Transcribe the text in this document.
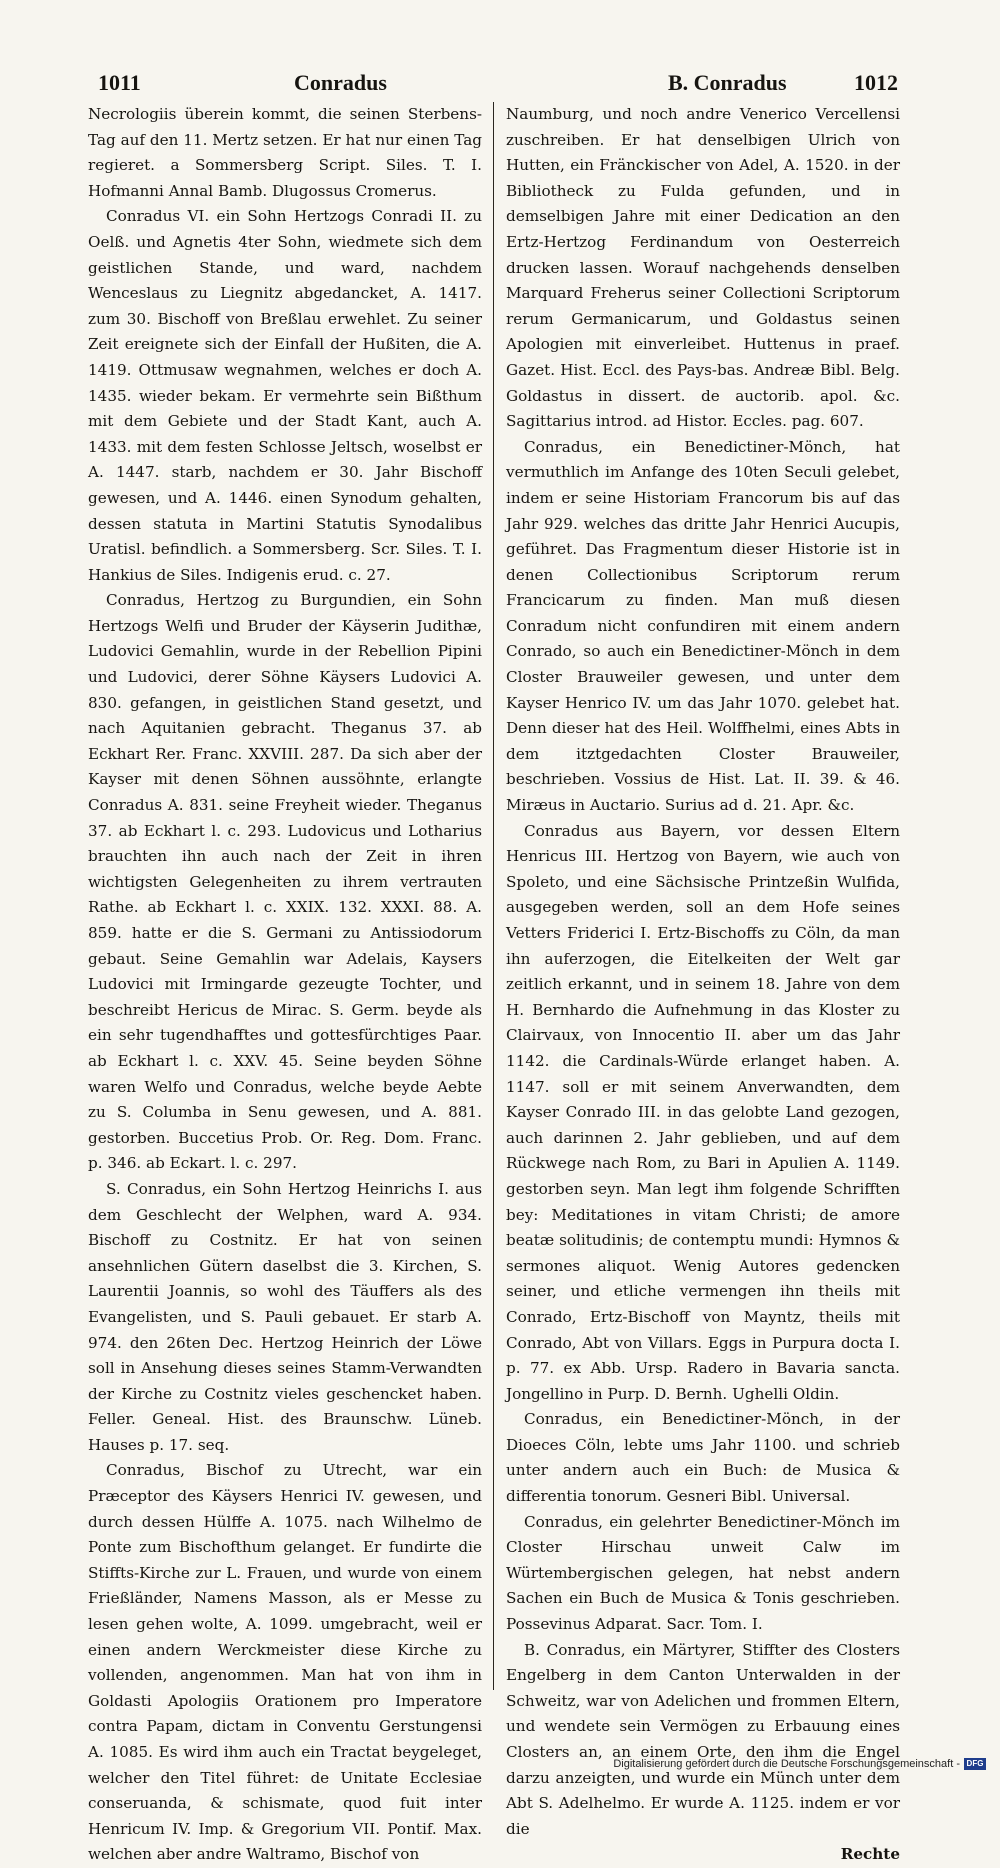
1011	Conradus	B. Conradus	1012

Necrologiis überein kommt, die seinen Sterbens-Tag auf den 11. Mertz setzen. Er hat nur einen Tag regieret. a Sommersberg Script. Siles. T. I. Hofmanni Annal Bamb. Dlugossus Cromerus.

Conradus VI. ein Sohn Hertzogs Conradi II. zu Oelß. und Agnetis 4ter Sohn, wiedmete sich dem geistlichen Stande, und ward, nachdem Wenceslaus zu Liegnitz abgedancket, A. 1417. zum 30. Bischoff von Breßlau erwehlet. Zu seiner Zeit ereignete sich der Einfall der Hußiten, die A. 1419. Ottmusaw wegnahmen, welches er doch A. 1435. wieder bekam. Er vermehrte sein Bißthum mit dem Gebiete und der Stadt Kant, auch A. 1433. mit dem festen Schlosse Jeltsch, woselbst er A. 1447. starb, nachdem er 30. Jahr Bischoff gewesen, und A. 1446. einen Synodum gehalten, dessen statuta in Martini Statutis Synodalibus Uratisl. befindlich. a Sommersberg. Scr. Siles. T. I. Hankius de Siles. Indigenis erud. c. 27.

Conradus, Hertzog zu Burgundien, ein Sohn Hertzogs Welfi und Bruder der Käyserin Judithæ, Ludovici Gemahlin, wurde in der Rebellion Pipini und Ludovici, derer Söhne Käysers Ludovici A. 830. gefangen, in geistlichen Stand gesetzt, und nach Aquitanien gebracht. Theganus 37. ab Eckhart Rer. Franc. XXVIII. 287. Da sich aber der Kayser mit denen Söhnen aussöhnte, erlangte Conradus A. 831. seine Freyheit wieder. Theganus 37. ab Eckhart l. c. 293. Ludovicus und Lotharius brauchten ihn auch nach der Zeit in ihren wichtigsten Gelegenheiten zu ihrem vertrauten Rathe. ab Eckhart l. c. XXIX. 132. XXXI. 88. A. 859. hatte er die S. Germani zu Antissiodorum gebaut. Seine Gemahlin war Adelais, Kaysers Ludovici mit Irmingarde gezeugte Tochter, und beschreibt Hericus de Mirac. S. Germ. beyde als ein sehr tugendhafftes und gottesfürchtiges Paar. ab Eckhart l. c. XXV. 45. Seine beyden Söhne waren Welfo und Conradus, welche beyde Aebte zu S. Columba in Senu gewesen, und A. 881. gestorben. Buccetius Prob. Or. Reg. Dom. Franc. p. 346. ab Eckart. l. c. 297.

S. Conradus, ein Sohn Hertzog Heinrichs I. aus dem Geschlecht der Welphen, ward A. 934. Bischoff zu Costnitz. Er hat von seinen ansehnlichen Gütern daselbst die 3. Kirchen, S. Laurentii Joannis, so wohl des Täuffers als des Evangelisten, und S. Pauli gebauet. Er starb A. 974. den 26ten Dec. Hertzog Heinrich der Löwe soll in Ansehung dieses seines Stamm-Verwandten der Kirche zu Costnitz vieles geschencket haben. Feller. Geneal. Hist. des Braunschw. Lüneb. Hauses p. 17. seq.

Conradus, Bischof zu Utrecht, war ein Præceptor des Käysers Henrici IV. gewesen, und durch dessen Hülffe A. 1075. nach Wilhelmo de Ponte zum Bischofthum gelanget. Er fundirte die Stiffts-Kirche zur L. Frauen, und wurde von einem Frießländer, Namens Masson, als er Messe zu lesen gehen wolte, A. 1099. umgebracht, weil er einen andern Werckmeister diese Kirche zu vollenden, angenommen. Man hat von ihm in Goldasti Apologiis Orationem pro Imperatore contra Papam, dictam in Conventu Gerstungensi A. 1085. Es wird ihm auch ein Tractat beygeleget, welcher den Titel führet: de Unitate Ecclesiae conseruanda, & schismate, quod fuit inter Henricum IV. Imp. & Gregorium VII. Pontif. Max. welchen aber andre Waltramo, Bischof von

Naumburg, und noch andre Venerico Vercellensi zuschreiben. Er hat denselbigen Ulrich von Hutten, ein Fränckischer von Adel, A. 1520. in der Bibliotheck zu Fulda gefunden, und in demselbigen Jahre mit einer Dedication an den Ertz-Hertzog Ferdinandum von Oesterreich drucken lassen. Worauf nachgehends denselben Marquard Freherus seiner Collectioni Scriptorum rerum Germanicarum, und Goldastus seinen Apologien mit einverleibet. Huttenus in praef. Gazet. Hist. Eccl. des Pays-bas. Andreæ Bibl. Belg. Goldastus in dissert. de auctorib. apol. &c. Sagittarius introd. ad Histor. Eccles. pag. 607.

Conradus, ein Benedictiner-Mönch, hat vermuthlich im Anfange des 10ten Seculi gelebet, indem er seine Historiam Francorum bis auf das Jahr 929. welches das dritte Jahr Henrici Aucupis, geführet. Das Fragmentum dieser Historie ist in denen Collectionibus Scriptorum rerum Francicarum zu finden. Man muß diesen Conradum nicht confundiren mit einem andern Conrado, so auch ein Benedictiner-Mönch in dem Closter Brauweiler gewesen, und unter dem Kayser Henrico IV. um das Jahr 1070. gelebet hat. Denn dieser hat des Heil. Wolffhelmi, eines Abts in dem itztgedachten Closter Brauweiler, beschrieben. Vossius de Hist. Lat. II. 39. & 46. Miræus in Auctario. Surius ad d. 21. Apr. &c.

Conradus aus Bayern, vor dessen Eltern Henricus III. Hertzog von Bayern, wie auch von Spoleto, und eine Sächsische Printzeßin Wulfida, ausgegeben werden, soll an dem Hofe seines Vetters Friderici I. Ertz-Bischoffs zu Cöln, da man ihn auferzogen, die Eitelkeiten der Welt gar zeitlich erkannt, und in seinem 18. Jahre von dem H. Bernhardo die Aufnehmung in das Kloster zu Clairvaux, von Innocentio II. aber um das Jahr 1142. die Cardinals-Würde erlanget haben. A. 1147. soll er mit seinem Anverwandten, dem Kayser Conrado III. in das gelobte Land gezogen, auch darinnen 2. Jahr geblieben, und auf dem Rückwege nach Rom, zu Bari in Apulien A. 1149. gestorben seyn. Man legt ihm folgende Schrifften bey: Meditationes in vitam Christi; de amore beatæ solitudinis; de contemptu mundi: Hymnos & sermones aliquot. Wenig Autores gedencken seiner, und etliche vermengen ihn theils mit Conrado, Ertz-Bischoff von Mayntz, theils mit Conrado, Abt von Villars. Eggs in Purpura docta I. p. 77. ex Abb. Ursp. Radero in Bavaria sancta. Jongellino in Purp. D. Bernh. Ughelli Oldin.

Conradus, ein Benedictiner-Mönch, in der Dioeces Cöln, lebte ums Jahr 1100. und schrieb unter andern auch ein Buch: de Musica & differentia tonorum. Gesneri Bibl. Universal.

Conradus, ein gelehrter Benedictiner-Mönch im Closter Hirschau unweit Calw im Würtembergischen gelegen, hat nebst andern Sachen ein Buch de Musica & Tonis geschrieben. Possevinus Adparat. Sacr. Tom. I.

B. Conradus, ein Märtyrer, Stiffter des Closters Engelberg in dem Canton Unterwalden in der Schweitz, war von Adelichen und frommen Eltern, und wendete sein Vermögen zu Erbauung eines Closters an, an einem Orte, den ihm die Engel darzu anzeigten, und wurde ein Münch unter dem Abt S. Adelhelmo. Er wurde A. 1125. indem er vor die

Rechte

Digitalisierung gefördert durch die Deutsche Forschungsgemeinschaft - DFG
